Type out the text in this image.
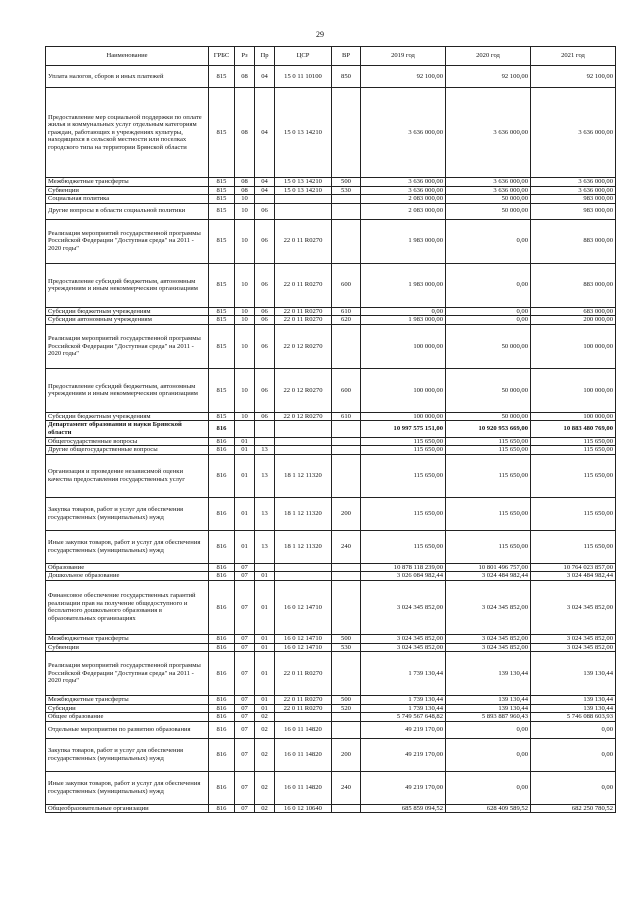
29
Наименование	ГРБС	Рз	Пр	ЦСР	ВР	2019 год	2020 год	2021 год
Уплата налогов, сборов и иных платежей	815	08	04	15 0 11 10100	850	92 100,00	92 100,00	92 100,00
Предоставление мер социальной поддержки по оплате жилья и коммунальных услуг отдельным категориям граждан, работающих в учреждениях культуры, находящихся в сельской местности или поселках городского типа на территории Брянской области	815	08	04	15 0 13 14210		3 636 000,00	3 636 000,00	3 636 000,00
Межбюджетные трансферты	815	08	04	15 0 13 14210	500	3 636 000,00	3 636 000,00	3 636 000,00
Субвенции	815	08	04	15 0 13 14210	530	3 636 000,00	3 636 000,00	3 636 000,00
Социальная политика	815	10				2 083 000,00	50 000,00	983 000,00
Другие вопросы в области социальной политики	815	10	06			2 083 000,00	50 000,00	983 000,00
Реализация мероприятий государственной программы Российской Федерации "Доступная среда" на 2011 - 2020 годы"	815	10	06	22 0 11 R0270		1 983 000,00	0,00	883 000,00
Предоставление субсидий бюджетным, автономным учреждениям и иным некоммерческим организациям	815	10	06	22 0 11 R0270	600	1 983 000,00	0,00	883 000,00
Субсидии бюджетным учреждениям	815	10	06	22 0 11 R0270	610	0,00	0,00	683 000,00
Субсидии автономным учреждениям	815	10	06	22 0 11 R0270	620	1 983 000,00	0,00	200 000,00
Реализация мероприятий государственной программы Российской Федерации "Доступная среда" на 2011 - 2020 годы"	815	10	06	22 0 12 R0270		100 000,00	50 000,00	100 000,00
Предоставление субсидий бюджетным, автономным учреждениям и иным некоммерческим организациям	815	10	06	22 0 12 R0270	600	100 000,00	50 000,00	100 000,00
Субсидии бюджетным учреждениям	815	10	06	22 0 12 R0270	610	100 000,00	50 000,00	100 000,00
Департамент образования и науки Брянской области	816					10 997 575 151,00	10 920 953 669,00	10 883 480 769,00
Общегосударственные вопросы	816	01				115 650,00	115 650,00	115 650,00
Другие общегосударственные вопросы	816	01	13			115 650,00	115 650,00	115 650,00
Организация и проведение независимой оценки качества предоставления государственных услуг	816	01	13	18 1 12 11320		115 650,00	115 650,00	115 650,00
Закупка товаров, работ и услуг для обеспечения государственных (муниципальных) нужд	816	01	13	18 1 12 11320	200	115 650,00	115 650,00	115 650,00
Иные закупки товаров, работ и услуг для обеспечения государственных (муниципальных) нужд	816	01	13	18 1 12 11320	240	115 650,00	115 650,00	115 650,00
Образование	816	07				10 878 118 239,00	10 801 496 757,00	10 764 023 857,00
Дошкольное образование	816	07	01			3 026 084 982,44	3 024 484 982,44	3 024 484 982,44
Финансовое обеспечение государственных гарантий реализации прав на получение общедоступного и бесплатного дошкольного образования в образовательных организациях	816	07	01	16 0 12 14710		3 024 345 852,00	3 024 345 852,00	3 024 345 852,00
Межбюджетные трансферты	816	07	01	16 0 12 14710	500	3 024 345 852,00	3 024 345 852,00	3 024 345 852,00
Субвенции	816	07	01	16 0 12 14710	530	3 024 345 852,00	3 024 345 852,00	3 024 345 852,00
Реализация мероприятий государственной программы Российской Федерации "Доступная среда" на 2011 - 2020 годы"	816	07	01	22 0 11 R0270		1 739 130,44	139 130,44	139 130,44
Межбюджетные трансферты	816	07	01	22 0 11 R0270	500	1 739 130,44	139 130,44	139 130,44
Субсидии	816	07	01	22 0 11 R0270	520	1 739 130,44	139 130,44	139 130,44
Общее образование	816	07	02			5 749 567 648,82	5 893 887 960,43	5 746 088 603,93
Отдельные мероприятия по развитию образования	816	07	02	16 0 11 14820		49 219 170,00	0,00	0,00
Закупка товаров, работ и услуг для обеспечения государственных (муниципальных) нужд	816	07	02	16 0 11 14820	200	49 219 170,00	0,00	0,00
Иные закупки товаров, работ и услуг для обеспечения государственных (муниципальных) нужд	816	07	02	16 0 11 14820	240	49 219 170,00	0,00	0,00
Общеобразовательные организации	816	07	02	16 0 12 10640		685 859 094,52	628 409 589,52	682 250 780,52
